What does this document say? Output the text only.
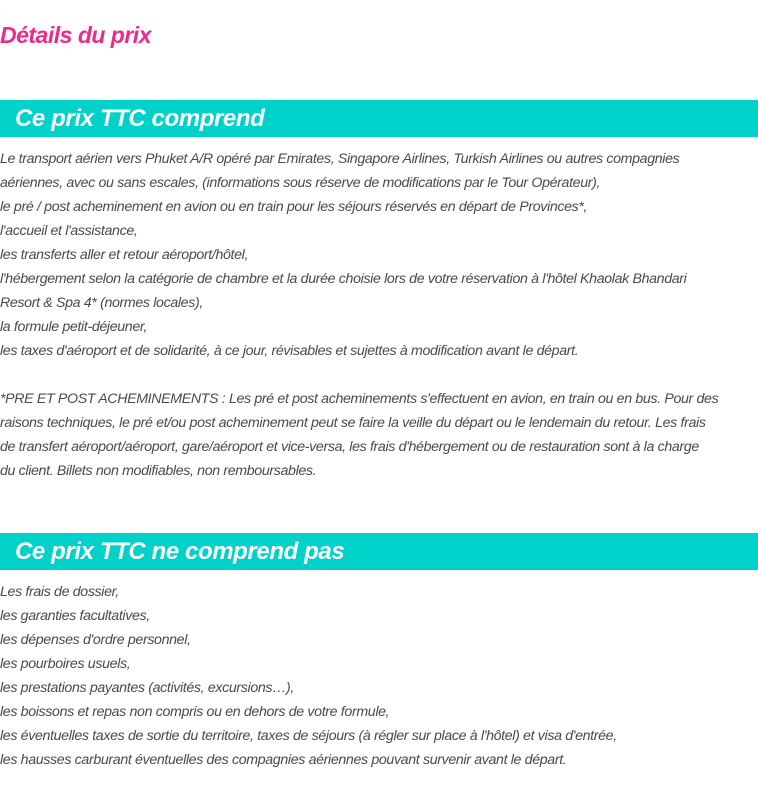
Détails du prix
Ce prix TTC comprend
Le transport aérien vers Phuket A/R opéré par Emirates, Singapore Airlines, Turkish Airlines ou autres compagnies
aériennes, avec ou sans escales, (informations sous réserve de modifications par le Tour Opérateur),
le pré / post acheminement en avion ou en train pour les séjours réservés en départ de Provinces*,
l'accueil et l'assistance,
les transferts aller et retour aéroport/hôtel,
l'hébergement selon la catégorie de chambre et la durée choisie lors de votre réservation à l'hôtel Khaolak Bhandari
Resort & Spa 4* (normes locales),
la formule petit-déjeuner,
les taxes d'aéroport et de solidarité, à ce jour, révisables et sujettes à modification avant le départ.
*PRE ET POST ACHEMINEMENTS : Les pré et post acheminements s'effectuent en avion, en train ou en bus. Pour des
raisons techniques, le pré et/ou post acheminement peut se faire la veille du départ ou le lendemain du retour. Les frais
de transfert aéroport/aéroport, gare/aéroport et vice-versa, les frais d'hébergement ou de restauration sont à la charge
du client. Billets non modifiables, non remboursables.
Ce prix TTC ne comprend pas
Les frais de dossier,
les garanties facultatives,
les dépenses d'ordre personnel,
les pourboires usuels,
les prestations payantes (activités, excursions…),
les boissons et repas non compris ou en dehors de votre formule,
les éventuelles taxes de sortie du territoire, taxes de séjours (à régler sur place à l'hôtel) et visa d'entrée,
les hausses carburant éventuelles des compagnies aériennes pouvant survenir avant le départ.
